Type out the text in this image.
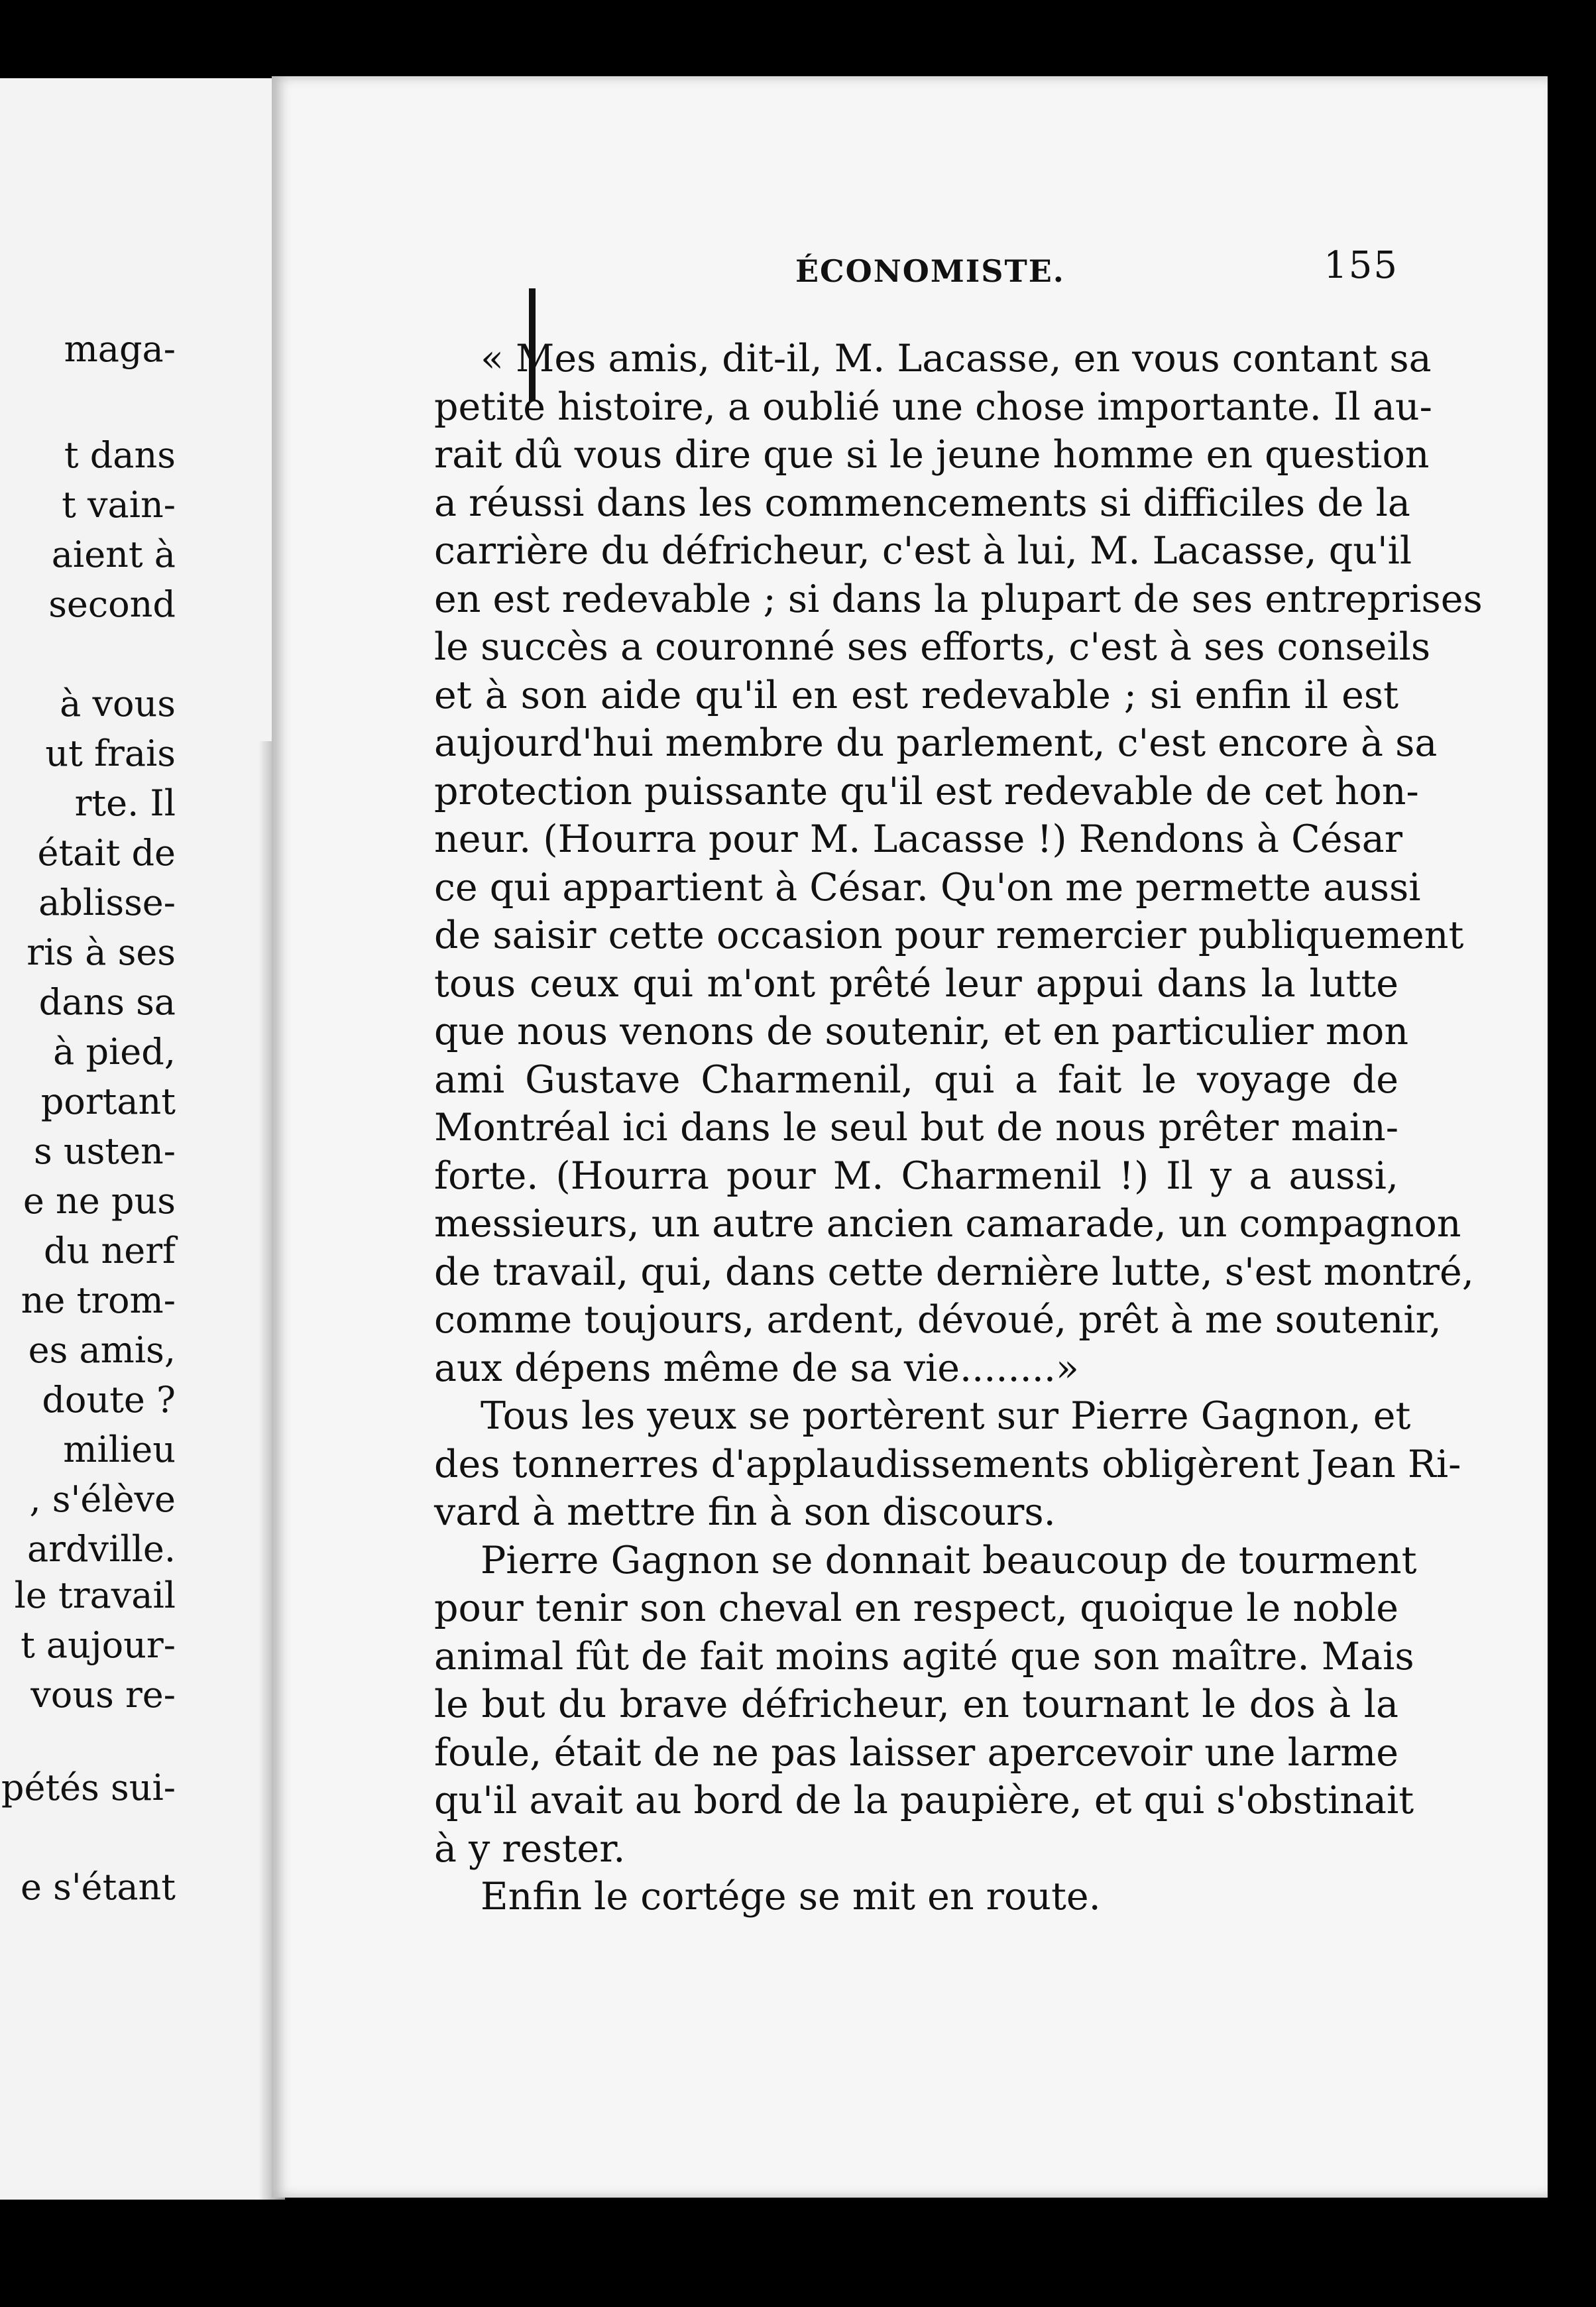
maga-
t dans
t vain-
aient à
second
à vous
ut frais
rte. Il
était de
ablisse-
ris à ses
dans sa
à pied,
portant
s usten-
e ne pus
du nerf
ne trom-
es amis,
doute ?
milieu
, s'élève
ardville.
le travail
t aujour-
vous re-
pétés sui-
e s'étant
ÉCONOMISTE.	155
« Mes amis, dit-il, M. Lacasse, en vous contant sa
petite histoire, a oublié une chose importante. Il au-
rait dû vous dire que si le jeune homme en question
a réussi dans les commencements si difficiles de la
carrière du défricheur, c'est à lui, M. Lacasse, qu'il
en est redevable ; si dans la plupart de ses entreprises
le succès a couronné ses efforts, c'est à ses conseils
et à son aide qu'il en est redevable ; si enfin il est
aujourd'hui membre du parlement, c'est encore à sa
protection puissante qu'il est redevable de cet hon-
neur. (Hourra pour M. Lacasse !) Rendons à César
ce qui appartient à César. Qu'on me permette aussi
de saisir cette occasion pour remercier publiquement
tous ceux qui m'ont prêté leur appui dans la lutte
que nous venons de soutenir, et en particulier mon
ami Gustave Charmenil, qui a fait le voyage de
Montréal ici dans le seul but de nous prêter main-
forte. (Hourra pour M. Charmenil !) Il y a aussi,
messieurs, un autre ancien camarade, un compagnon
de travail, qui, dans cette dernière lutte, s'est montré,
comme toujours, ardent, dévoué, prêt à me soutenir,
aux dépens même de sa vie........»
Tous les yeux se portèrent sur Pierre Gagnon, et
des tonnerres d'applaudissements obligèrent Jean Ri-
vard à mettre fin à son discours.
Pierre Gagnon se donnait beaucoup de tourment
pour tenir son cheval en respect, quoique le noble
animal fût de fait moins agité que son maître. Mais
le but du brave défricheur, en tournant le dos à la
foule, était de ne pas laisser apercevoir une larme
qu'il avait au bord de la paupière, et qui s'obstinait
à y rester.
Enfin le cortége se mit en route.
